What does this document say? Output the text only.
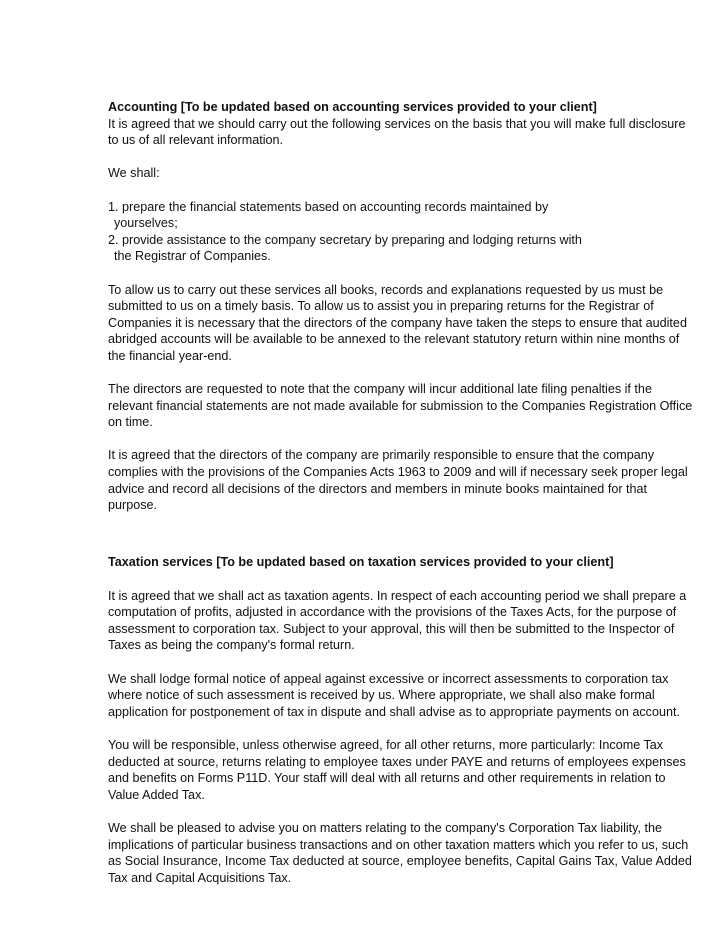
Accounting [To be updated based on accounting services provided to your client]

It is agreed that we should carry out the following services on the basis that you will make full disclosure to us of all relevant information.

We shall:

1. prepare the financial statements based on accounting records maintained by
yourselves;

2. provide assistance to the company secretary by preparing and lodging returns with
the Registrar of Companies.

To allow us to carry out these services all books, records and explanations requested by us must be submitted to us on a timely basis. To allow us to assist you in preparing returns for the Registrar of Companies it is necessary that the directors of the company have taken the steps to ensure that audited abridged accounts will be available to be annexed to the relevant statutory return within nine months of the financial year-end.

The directors are requested to note that the company will incur additional late filing penalties if the relevant financial statements are not made available for submission to the Companies Registration Office on time.

It is agreed that the directors of the company are primarily responsible to ensure that the company complies with the provisions of the Companies Acts 1963 to 2009 and will if necessary seek proper legal advice and record all decisions of the directors and members in minute books maintained for that purpose.

Taxation services [To be updated based on taxation services provided to your client]

It is agreed that we shall act as taxation agents. In respect of each accounting period we shall prepare a computation of profits, adjusted in accordance with the provisions of the Taxes Acts, for the purpose of assessment to corporation tax. Subject to your approval, this will then be submitted to the Inspector of Taxes as being the company's formal return.

We shall lodge formal notice of appeal against excessive or incorrect assessments to corporation tax where notice of such assessment is received by us. Where appropriate, we shall also make formal application for postponement of tax in dispute and shall advise as to appropriate payments on account.

You will be responsible, unless otherwise agreed, for all other returns, more particularly: Income Tax deducted at source, returns relating to employee taxes under PAYE and returns of employees expenses and benefits on Forms P11D. Your staff will deal with all returns and other requirements in relation to Value Added Tax.

We shall be pleased to advise you on matters relating to the company's Corporation Tax liability, the implications of particular business transactions and on other taxation matters which you refer to us, such as Social Insurance, Income Tax deducted at source, employee benefits, Capital Gains Tax, Value Added Tax and Capital Acquisitions Tax.
